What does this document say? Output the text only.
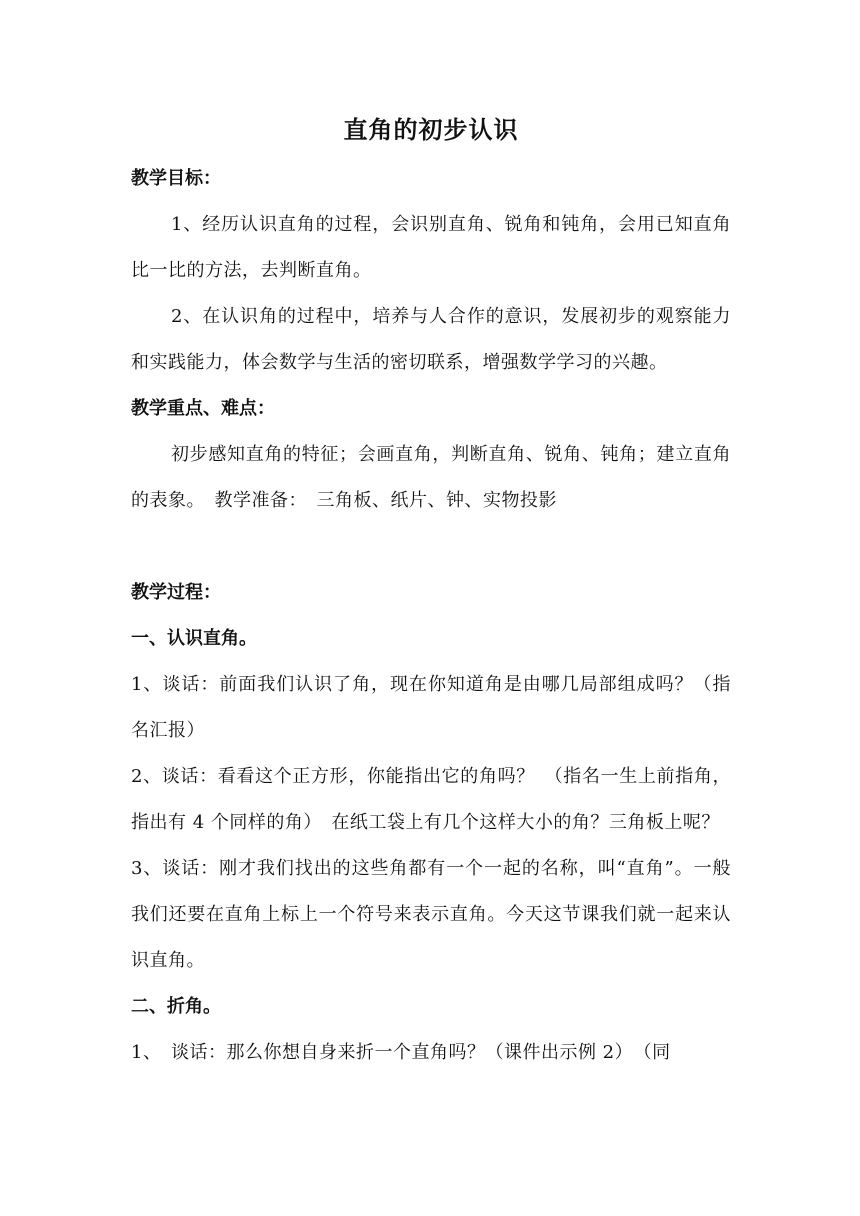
直角的初步认识

教学目标：

1、经历认识直角的过程，会识别直角、锐角和钝角，会用已知直角比一比的方法，去判断直角。

2、在认识角的过程中，培养与人合作的意识，发展初步的观察能力和实践能力，体会数学与生活的密切联系，增强数学学习的兴趣。

教学重点、难点：

初步感知直角的特征；会画直角，判断直角、锐角、钝角；建立直角的表象。　教学准备：　三角板、纸片、钟、实物投影

教学过程：

一、认识直角。

1、谈话：前面我们认识了角，现在你知道角是由哪几局部组成吗？（指名汇报）

2、谈话：看看这个正方形，你能指出它的角吗？　（指名一生上前指角，指出有 4 个同样的角）　在纸工袋上有几个这样大小的角？三角板上呢？

3、谈话：刚才我们找出的这些角都有一个一起的名称，叫“直角”。一般我们还要在直角上标上一个符号来表示直角。今天这节课我们就一起来认识直角。

二、折角。

1、　谈话：那么你想自身来折一个直角吗？（课件出示例 2）　（同
